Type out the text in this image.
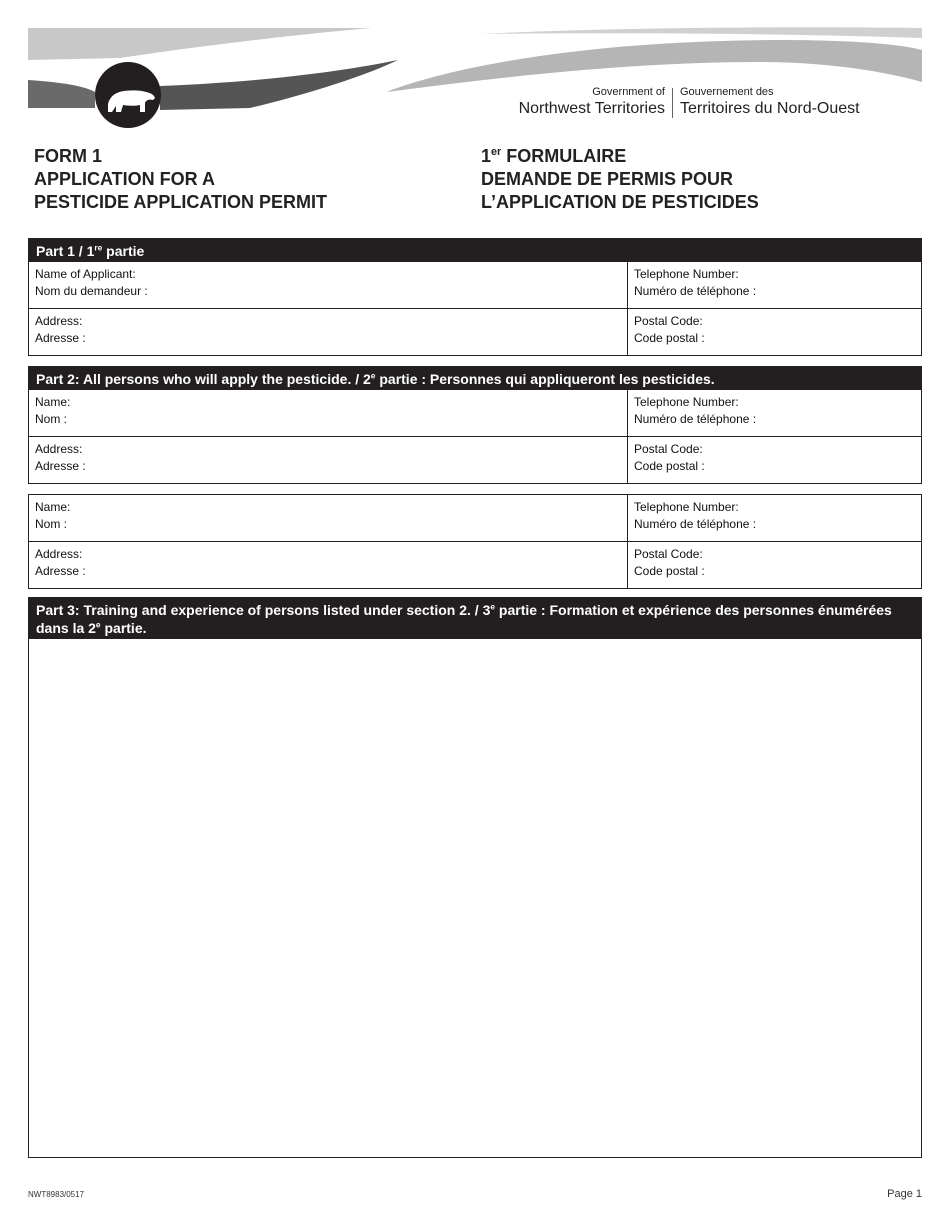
Government of
Northwest Territories
Gouvernement des
Territoires du Nord-Ouest
FORM 1
APPLICATION FOR A
PESTICIDE APPLICATION PERMIT
1er FORMULAIRE
DEMANDE DE PERMIS POUR
L’APPLICATION DE PESTICIDES
Part 1 / 1re partie
Name of Applicant:
Nom du demandeur :
Telephone Number:
Numéro de téléphone :
Address:
Adresse :
Postal Code:
Code postal :
Part 2: All persons who will apply the pesticide. / 2e partie : Personnes qui appliqueront les pesticides.
Name:
Nom :
Telephone Number:
Numéro de téléphone :
Address:
Adresse :
Postal Code:
Code postal :
Name:
Nom :
Telephone Number:
Numéro de téléphone :
Address:
Adresse :
Postal Code:
Code postal :
Part 3: Training and experience of persons listed under section 2. / 3e partie : Formation et expérience des personnes énumérées dans la 2e partie.
NWT8983/0517	Page 1
